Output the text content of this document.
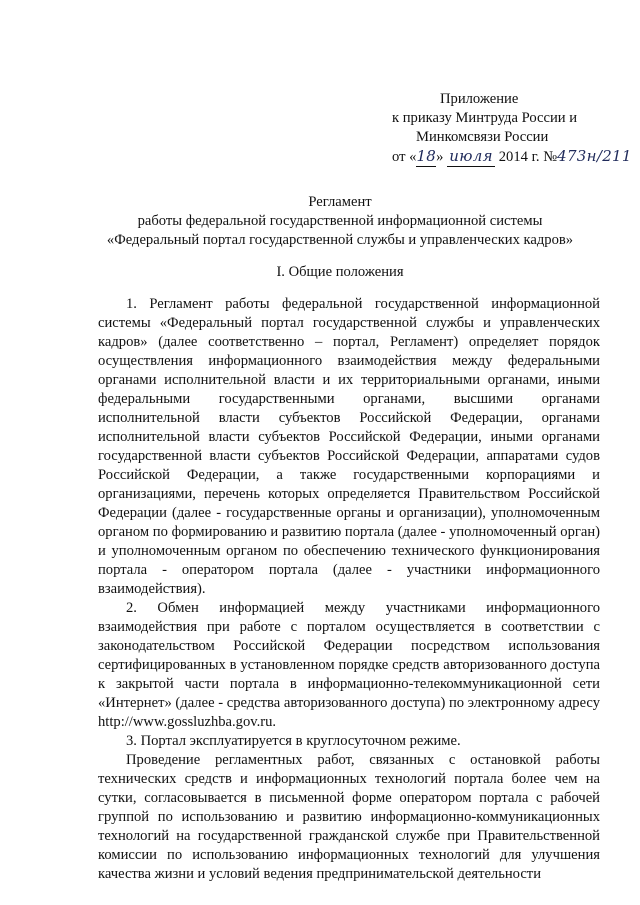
Приложение
к приказу Минтруда России и
Минкомсвязи России
от «18» июля 2014 г. №473н/211
Регламент
работы федеральной государственной информационной системы
«Федеральный портал государственной службы и управленческих кадров»
I. Общие положения

1. Регламент работы федеральной государственной информационной системы «Федеральный портал государственной службы и управленческих кадров» (далее соответственно – портал, Регламент) определяет порядок осуществления информационного взаимодействия между федеральными органами исполнительной власти и их территориальными органами, иными федеральными государственными органами, высшими органами исполнительной власти субъектов Российской Федерации, органами исполнительной власти субъектов Российской Федерации, иными органами государственной власти субъектов Российской Федерации, аппаратами судов Российской Федерации, а также государственными корпорациями и организациями, перечень которых определяется Правительством Российской Федерации (далее - государственные органы и организации), уполномоченным органом по формированию и развитию портала (далее - уполномоченный орган) и уполномоченным органом по обеспечению технического функционирования портала - оператором портала (далее - участники информационного взаимодействия).

2. Обмен информацией между участниками информационного взаимодействия при работе с порталом осуществляется в соответствии с законодательством Российской Федерации посредством использования сертифицированных в установленном порядке средств авторизованного доступа к закрытой части портала в информационно-телекоммуникационной сети «Интернет» (далее - средства авторизованного доступа) по электронному адресу http://www.gossluzhba.gov.ru.

3. Портал эксплуатируется в круглосуточном режиме.

Проведение регламентных работ, связанных с остановкой работы технических средств и информационных технологий портала более чем на сутки, согласовывается в письменной форме оператором портала с рабочей группой по использованию и развитию информационно-коммуникационных технологий на государственной гражданской службе при Правительственной комиссии по использованию информационных технологий для улучшения качества жизни и условий ведения предпринимательской деятельности
